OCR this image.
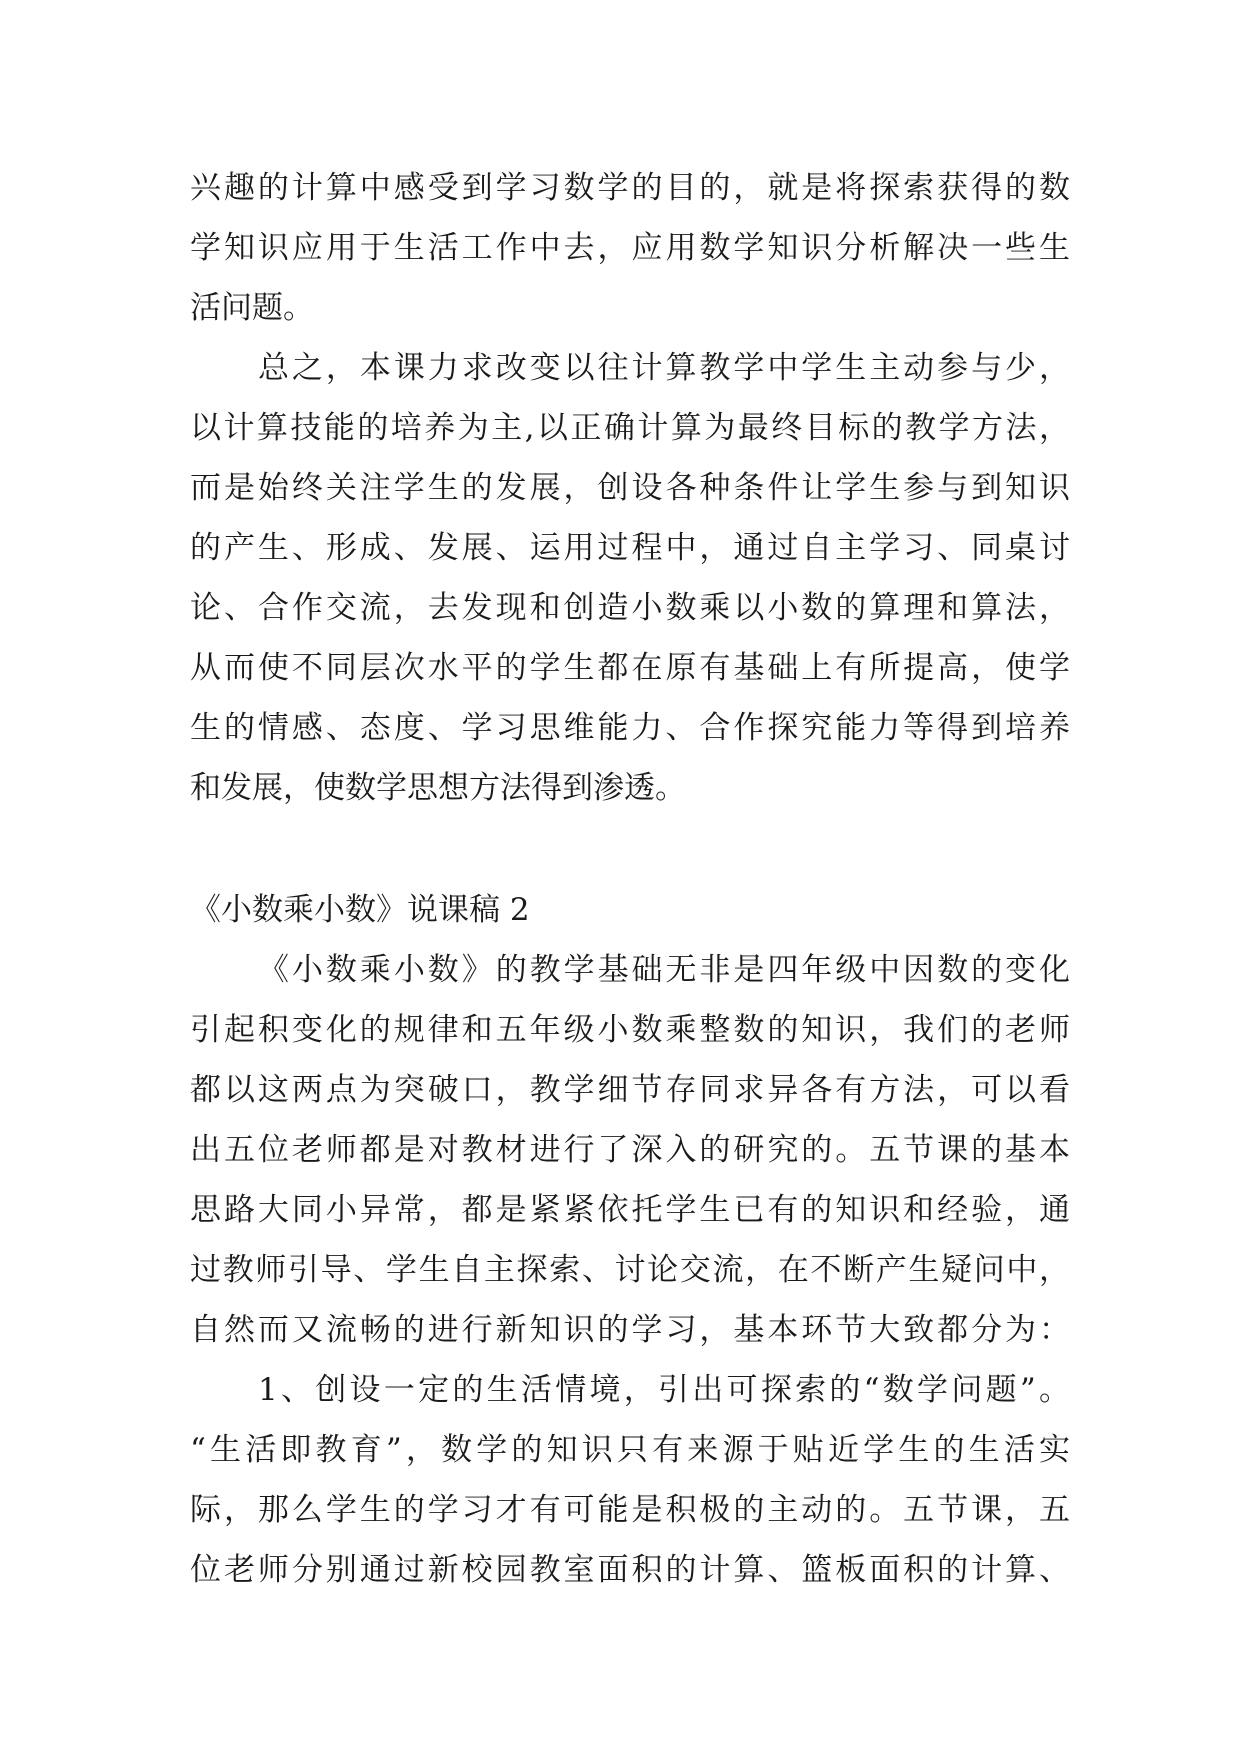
兴趣的计算中感受到学习数学的目的，就是将探索获得的数
学知识应用于生活工作中去，应用数学知识分析解决一些生
活问题。
总之，本课力求改变以往计算教学中学生主动参与少，
以计算技能的培养为主,以正确计算为最终目标的教学方法，
而是始终关注学生的发展，创设各种条件让学生参与到知识
的产生、形成、发展、运用过程中，通过自主学习、同桌讨
论、合作交流，去发现和创造小数乘以小数的算理和算法，
从而使不同层次水平的学生都在原有基础上有所提高，使学
生的情感、态度、学习思维能力、合作探究能力等得到培养
和发展，使数学思想方法得到渗透。
《小数乘小数》说课稿 2
《小数乘小数》的教学基础无非是四年级中因数的变化
引起积变化的规律和五年级小数乘整数的知识，我们的老师
都以这两点为突破口，教学细节存同求异各有方法，可以看
出五位老师都是对教材进行了深入的研究的。五节课的基本
思路大同小异常，都是紧紧依托学生已有的知识和经验，通
过教师引导、学生自主探索、讨论交流，在不断产生疑问中，
自然而又流畅的进行新知识的学习，基本环节大致都分为：
1、创设一定的生活情境，引出可探索的“数学问题”。
“生活即教育”，数学的知识只有来源于贴近学生的生活实
际，那么学生的学习才有可能是积极的主动的。五节课，五
位老师分别通过新校园教室面积的计算、篮板面积的计算、
